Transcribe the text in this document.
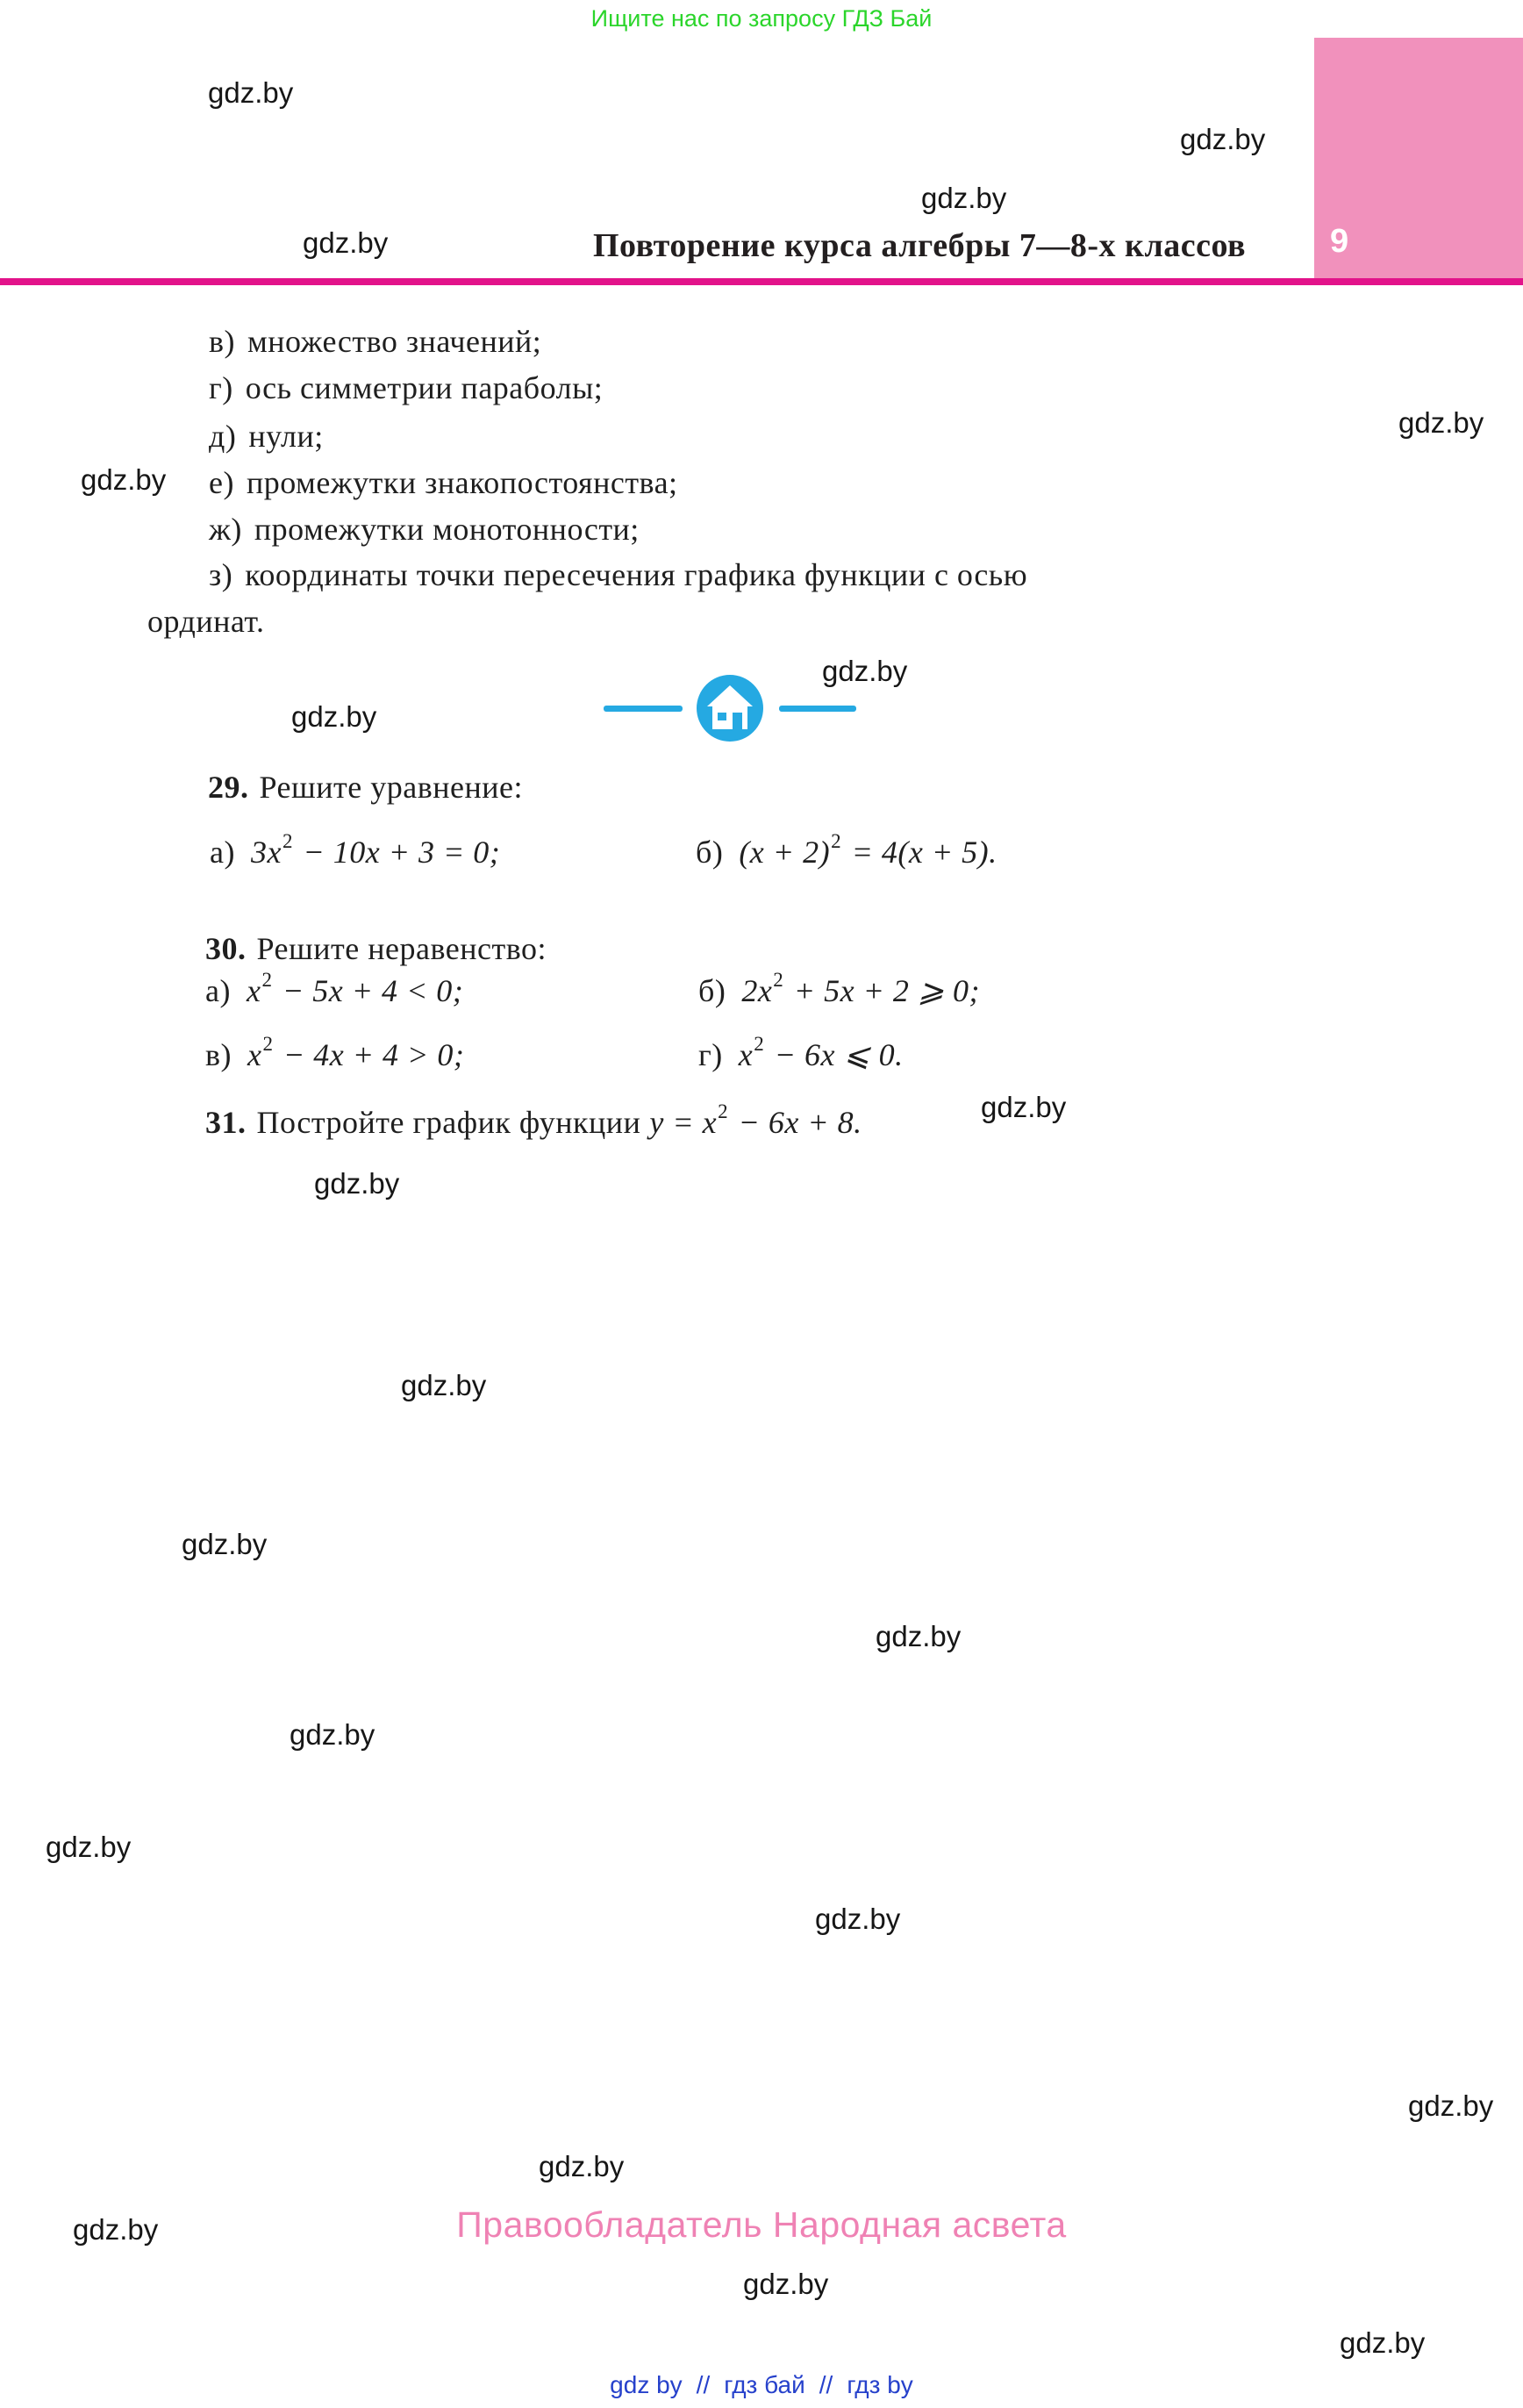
Ищите нас по запросу ГДЗ Бай
gdz.by
gdz.by
gdz.by
gdz.by
gdz.by
gdz.by
gdz.by
gdz.by
gdz.by
gdz.by
gdz.by
gdz.by
gdz.by
gdz.by
gdz.by
gdz.by
gdz.by
gdz.by
gdz.by
gdz.by
gdz.by
Повторение курса алгебры 7—8-х классов	9
в) множество значений;
г) ось симметрии параболы;
д) нули;
е) промежутки знакопостоянства;
ж) промежутки монотонности;
з) координаты точки пересечения графика функции с осью
ординат.
29. Решите уравнение:
а) $3x^2 - 10x + 3 = 0$;	б) $(x + 2)^2 = 4(x + 5)$.
30. Решите неравенство:
а) $x^2 - 5x + 4 < 0$;	б) $2x^2 + 5x + 2$ ⩾ 0;
в) $x^2 - 4x + 4 > 0$;	г) $x^2 - 6x$ ⩽ 0.
31. Постройте график функции $y = x^2 - 6x + 8$.
Правообладатель Народная асвета
gdz by // гдз бай // гдз by
